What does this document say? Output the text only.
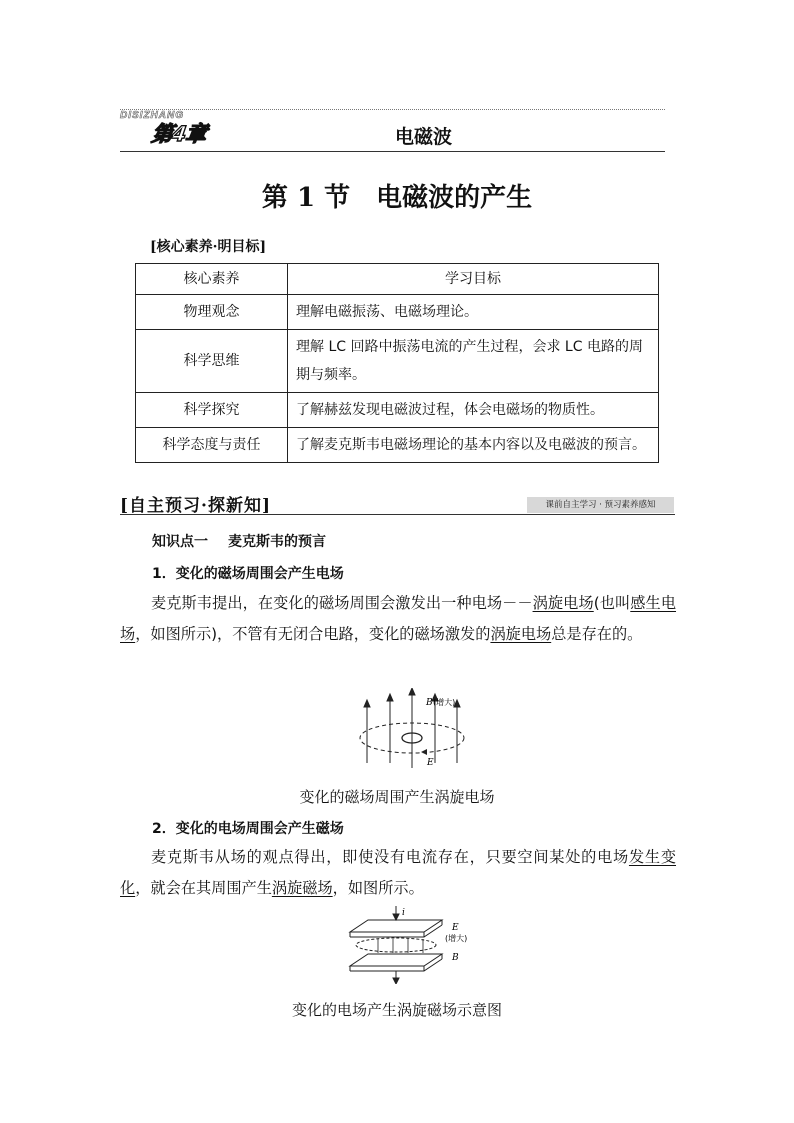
DISIZHANG
第4章	电磁波
第 1 节 电磁波的产生
[核心素养·明目标]
核心素养	学习目标
物理观念	理解电磁振荡、电磁场理论。
科学思维	理解 LC 回路中振荡电流的产生过程，会求 LC 电路的周期与频率。
科学探究	了解赫兹发现电磁波过程，体会电磁场的物质性。
科学态度与责任	了解麦克斯韦电磁场理论的基本内容以及电磁波的预言。
[自主预习·探新知]	课前自主学习 · 预习素养感知
知识点一 麦克斯韦的预言
1．变化的磁场周围会产生电场
麦克斯韦提出，在变化的磁场周围会激发出一种电场－－涡旋电场(也叫感生电场，如图所示)，不管有无闭合电路，变化的磁场激发的涡旋电场总是存在的。
B (增大)
E
变化的磁场周围产生涡旋电场
2．变化的电场周围会产生磁场
麦克斯韦从场的观点得出，即使没有电流存在，只要空间某处的电场发生变化，就会在其周围产生涡旋磁场，如图所示。
i
E
(增大)
B
变化的电场产生涡旋磁场示意图
